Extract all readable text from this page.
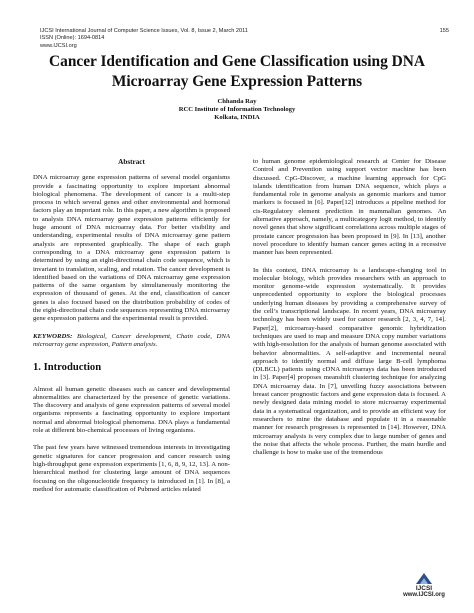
IJCSI International Journal of Computer Science Issues, Vol. 8, Issue 2, March 2011
ISSN (Online): 1694-0814
www.IJCSI.org
155
Cancer Identification and Gene Classification using DNA
Microarray Gene Expression Patterns
Chhanda Ray
RCC Institute of Information Technology
Kolkata, INDIA

Abstract

DNA microarray gene expression patterns of several model organisms provide a fascinating opportunity to explore important abnormal biological phenomena. The development of cancer is a multi-step process in which several genes and other environmental and hormonal factors play an important role. In this paper, a new algorithm is proposed to analysis DNA microarray gene expression patterns efficiently for huge amount of DNA microarray data. For better visibility and understanding, experimental results of DNA microarray gene pattern analysis are represented graphically. The shape of each graph corresponding to a DNA microarray gene expression pattern is determined by using an eight-directional chain code sequence, which is invariant to translation, scaling, and rotation. The cancer development is identified based on the variations of DNA microarray gene expression patterns of the same organism by simultaneously monitoring the expression of thousand of genes. At the end, classification of cancer genes is also focused based on the distribution probability of codes of the eight-directional chain code sequences representing DNA microarray gene expression patterns and the experimental result is provided.

KEYWORDS: Biological, Cancer development, Chain code, DNA microarray gene expression, Pattern analysis.

1. Introduction

Almost all human genetic diseases such as cancer and developmental abnormalities are characterized by the presence of genetic variations. The discovery and analysis of gene expression patterns of several model organisms represents a fascinating opportunity to explore important normal and abnormal biological phenomena. DNA plays a fundamental role at different bio-chemical processes of living organisms.

The past few years have witnessed tremendous interests in investigating genetic signatures for cancer progression and cancer research using high-throughput gene expression experiments [1, 6, 8, 9, 12, 13]. A non-hierarchical method for clustering large amount of DNA sequences focusing on the oligonucleotide frequency is introduced in [1]. In [8], a method for automatic classification of Pubmed articles related

to human genome epidemiological research at Center for Disease Control and Prevention using support vector machine has been discussed. CpG-Discover, a machine learning approach for CpG islands identification from human DNA sequence, which plays a fundamental role in genome analysis as genomic markers and tumor markers is focused in [6]. Paper[12] introduces a pipeline method for cis-Regulatory element prediction in mammalian genomes. An alternative approach, namely, a multicategory logit method, to identify novel genes that show significant correlations across multiple stages of prostate cancer progression has been proposed in [9]. In [13], another novel procedure to identify human cancer genes acting in a recessive manner has been represented.

In this context, DNA microarray is a landscape-changing tool in molecular biology, which provides researchers with an approach to monitor genome-wide expression systematically. It provides unprecedented opportunity to explore the biological processes underlying human diseases by providing a comprehensive survey of the cell’s transcriptional landscape. In recent years, DNA microarray technology has been widely used for cancer research [2, 3, 4, 7, 14]. Paper[2], microarray-based comparative genomic hybridization techniques are used to map and measure DNA copy number variations with high-resolution for the analysis of human genome associated with behavior abnormalities. A self-adaptive and incremental neural approach to identify normal and diffuse large B-cell lymphoma (DLBCL) patients using cDNA microarrays data has been introduced in [3]. Paper[4] proposes meanshift clustering technique for analyzing DNA microarray data. In [7], unveiling fuzzy associations between breast cancer prognostic factors and gene expression data is focused. A newly designed data mining model to store microarray experimental data in a systematical organization, and to provide an efficient way for researchers to mine the database and populate it in a reasonable manner for research progresses is represented in [14]. However, DNA microarray analysis is very complex due to large number of genes and the noise that affects the whole process. Further, the main hurdle and challenge is how to make use of the tremendous

IJCSI
www.IJCSI.org
